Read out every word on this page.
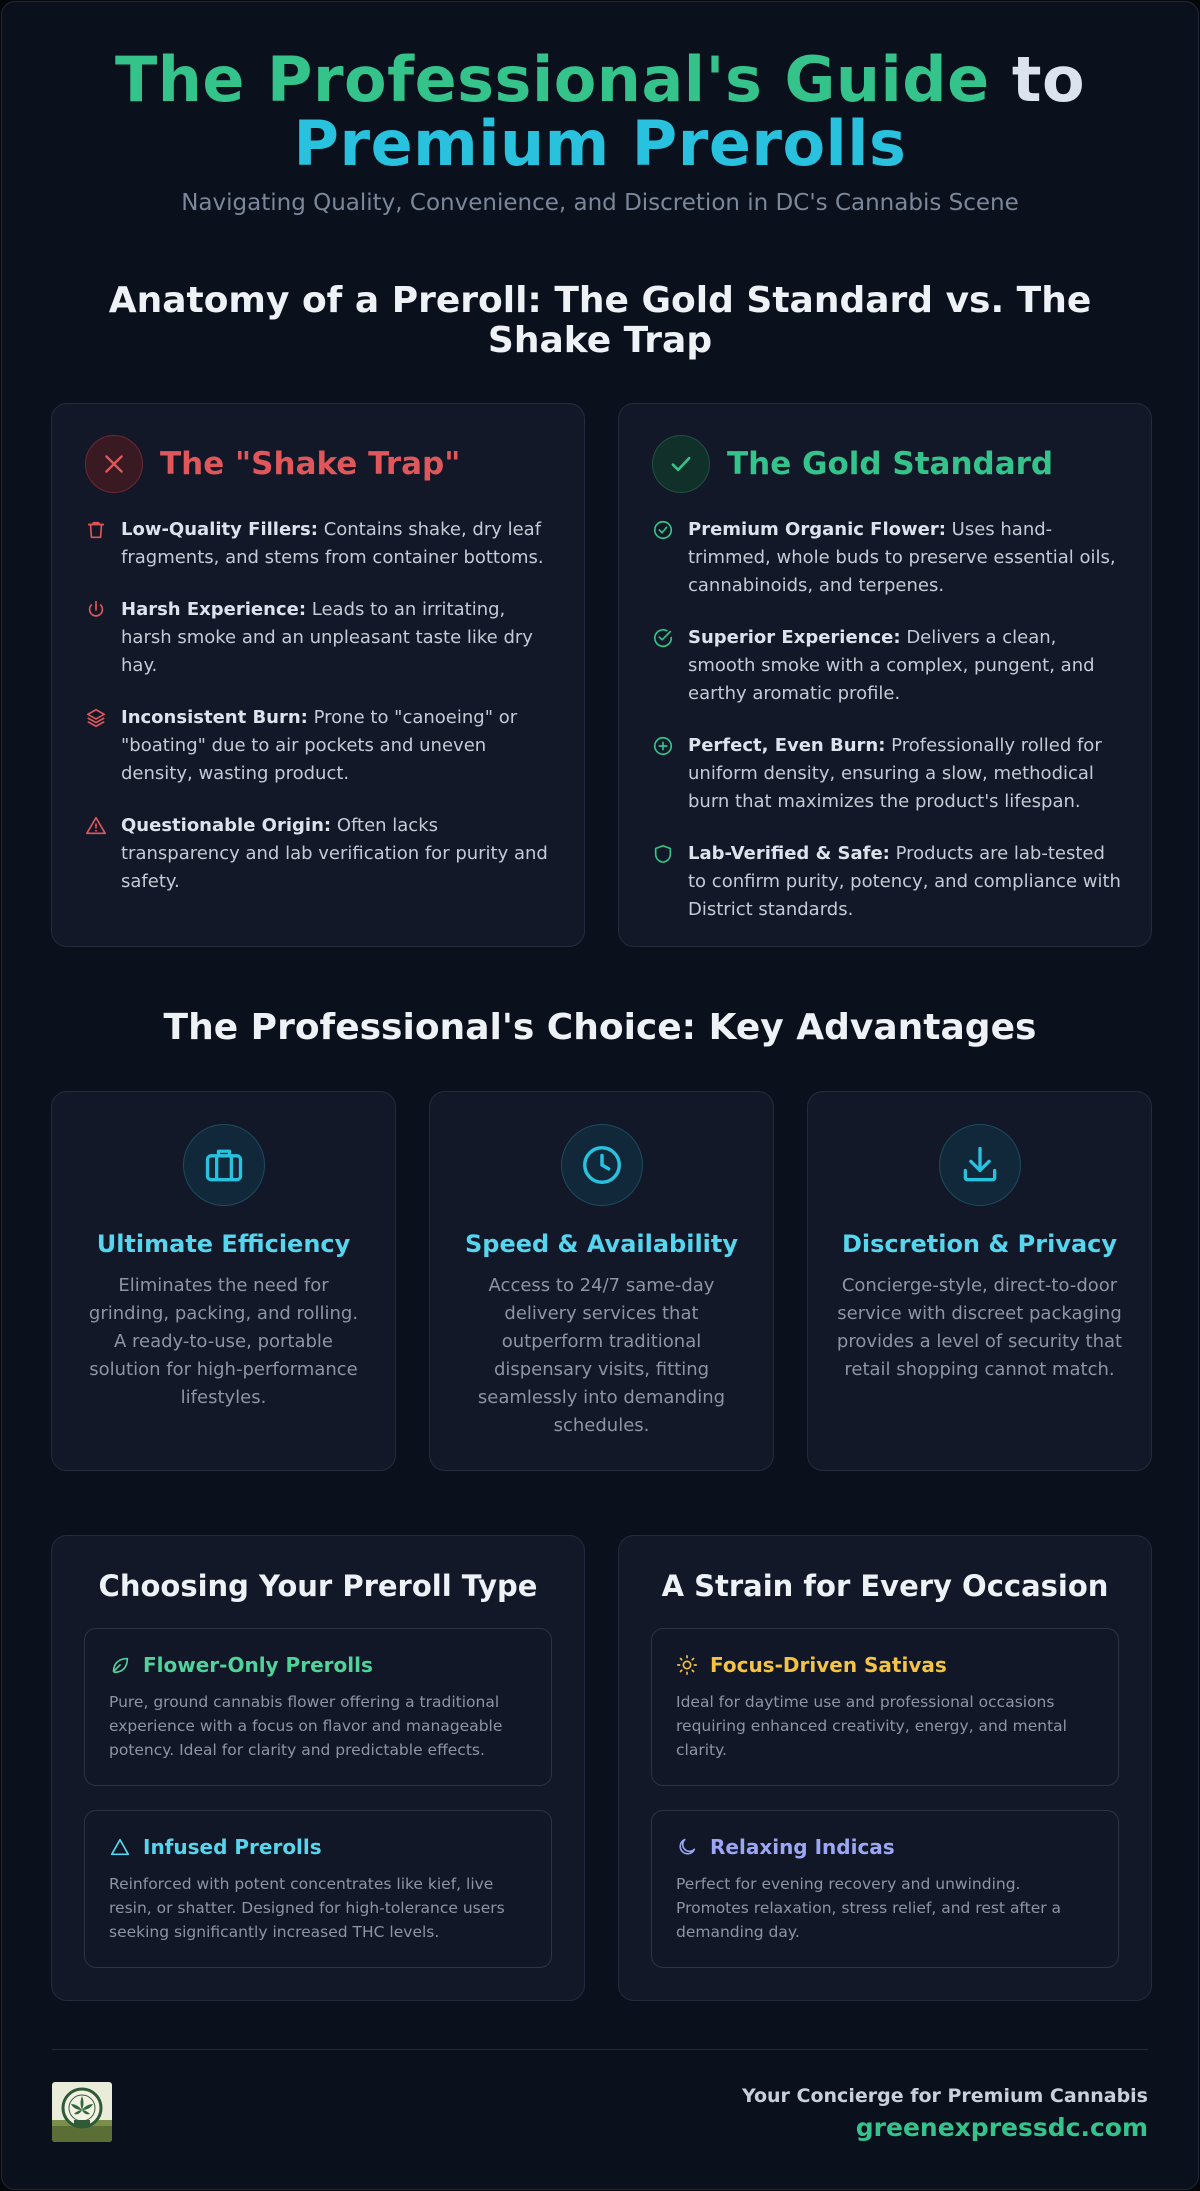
The Professional's Guide to
Premium Prerolls
Navigating Quality, Convenience, and Discretion in DC's Cannabis Scene
Anatomy of a Preroll: The Gold Standard vs. The Shake Trap
The "Shake Trap"

Low-Quality Fillers: Contains shake, dry leaf fragments, and stems from container bottoms.

Harsh Experience: Leads to an irritating, harsh smoke and an unpleasant taste like dry hay.

Inconsistent Burn: Prone to "canoeing" or "boating" due to air pockets and uneven density, wasting product.

Questionable Origin: Often lacks transparency and lab verification for purity and safety.

The Gold Standard

Premium Organic Flower: Uses hand-trimmed, whole buds to preserve essential oils, cannabinoids, and terpenes.

Superior Experience: Delivers a clean, smooth smoke with a complex, pungent, and earthy aromatic profile.

Perfect, Even Burn: Professionally rolled for uniform density, ensuring a slow, methodical burn that maximizes the product's lifespan.

Lab-Verified & Safe: Products are lab-tested to confirm purity, potency, and compliance with District standards.

The Professional's Choice: Key Advantages
Ultimate Efficiency

Eliminates the need for grinding, packing, and rolling. A ready-to-use, portable solution for high-performance lifestyles.

Speed & Availability

Access to 24/7 same-day delivery services that outperform traditional dispensary visits, fitting seamlessly into demanding schedules.

Discretion & Privacy

Concierge-style, direct-to-door service with discreet packaging provides a level of security that retail shopping cannot match.

Choosing Your Preroll Type
Flower-Only Prerolls

Pure, ground cannabis flower offering a traditional experience with a focus on flavor and manageable potency. Ideal for clarity and predictable effects.

Infused Prerolls

Reinforced with potent concentrates like kief, live resin, or shatter. Designed for high-tolerance users seeking significantly increased THC levels.

A Strain for Every Occasion
Focus-Driven Sativas

Ideal for daytime use and professional occasions requiring enhanced creativity, energy, and mental clarity.

Relaxing Indicas

Perfect for evening recovery and unwinding. Promotes relaxation, stress relief, and rest after a demanding day.

Your Concierge for Premium Cannabis
greenexpressdc.com
